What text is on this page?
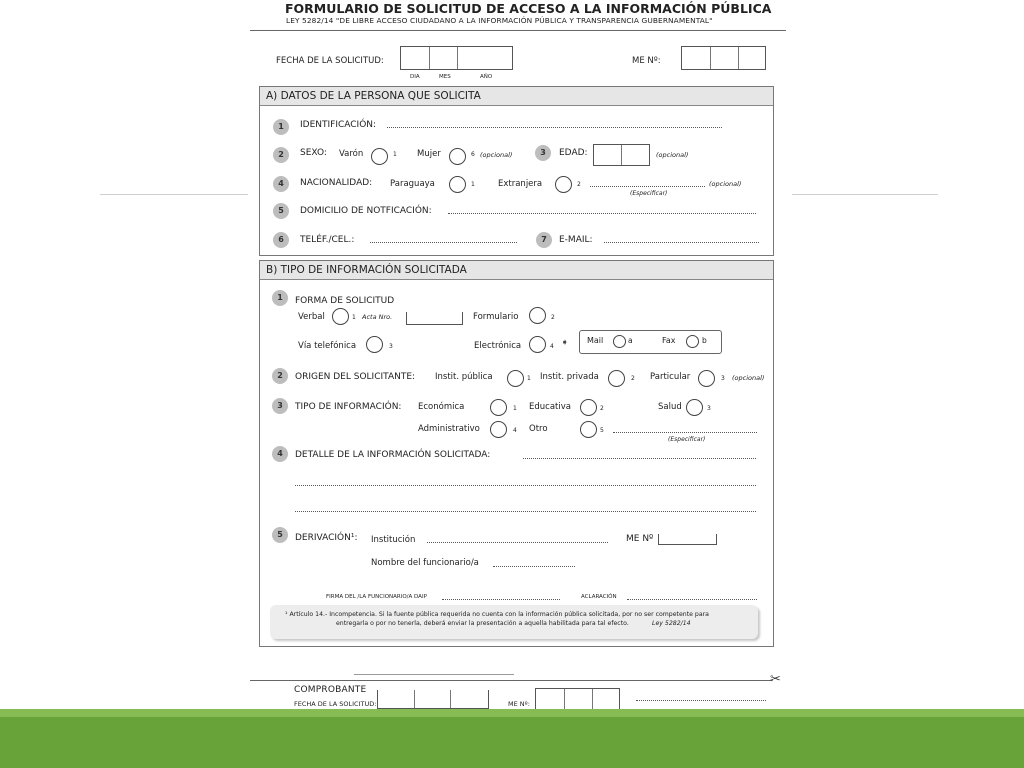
FORMULARIO DE SOLICITUD DE ACCESO A LA INFORMACIÓN PÚBLICA
LEY 5282/14 "DE LIBRE ACCESO CIUDADANO A LA INFORMACIÓN PÚBLICA Y TRANSPARENCIA GUBERNAMENTAL"
FECHA DE LA SOLICITUD:
DIA	MES	AÑO
ME Nº:
A) DATOS DE LA PERSONA QUE SOLICITA
1	IDENTIFICACIÓN:
2	SEXO: Varón	1 Mujer	6 (opcional)	3	EDAD:	(opcional)
4	NACIONALIDAD: Paraguaya	1	Extranjera	2	(opcional)
(Especificar)
5	DOMICILIO DE NOTFICACIÓN:
6	TELÉF./CEL.:	7	E-MAIL:
B) TIPO DE INFORMACIÓN SOLICITADA
1	FORMA DE SOLICITUD
Verbal	1 Acta Nro.	Formulario	2
Vía telefónica	3	Electrónica	4 ➧ Mail	a	Fax	b
2	ORIGEN DEL SOLICITANTE: Instit. pública	1 Instit. privada	2 Particular	3 (opcional)
3	TIPO DE INFORMACIÓN: Económica	1 Educativa	2	Salud	3
Administrativo	4 Otro	5
(Especificar)
4	DETALLE DE LA INFORMACIÓN SOLICITADA:
5	DERIVACIÓN¹: Institución	ME Nº
Nombre del funcionario/a
FIRMA DEL /LA FUNCIONARIO/A DAIP	ACLARACIÓN
¹ Artículo 14.- Incompetencia. Si la fuente pública requerida no cuenta con la información pública solicitada, por no ser competente para
entregarla o por no tenerla, deberá enviar la presentación a aquella habilitada para tal efecto.	Ley 5282/14
✂
COMPROBANTE
FECHA DE LA SOLICITUD:	ME Nº:
